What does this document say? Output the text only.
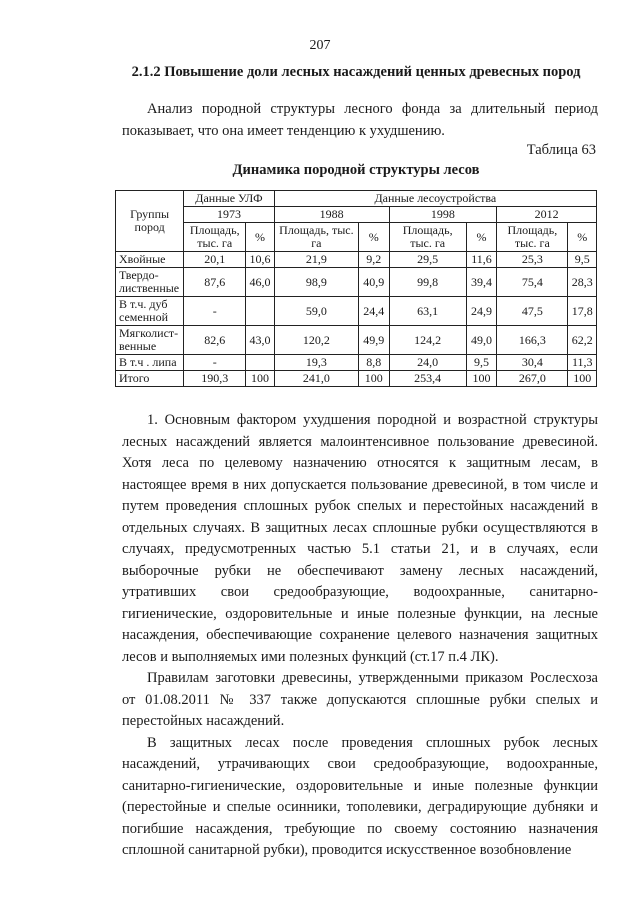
207
2.1.2 Повышение доли лесных насаждений ценных древесных пород

Анализ породной структуры лесного фонда за длительный период показывает, что она имеет тенденцию к ухудшению.

Таблица 63
Динамика породной структуры лесов
Группы пород	Данные УЛФ		Данные лесоустройства					
	1973		1988		1998		2012	
	Площадь, тыс. га	%	Площадь, тыс. га	%	Площадь, тыс. га	%	Площадь, тыс. га	%
Хвойные	20,1	10,6	21,9	9,2	29,5	11,6	25,3	9,5
Твердо-лиственные	87,6	46,0	98,9	40,9	99,8	39,4	75,4	28,3
В т.ч. дуб семенной	-		59,0	24,4	63,1	24,9	47,5	17,8
Мягколист-венные	82,6	43,0	120,2	49,9	124,2	49,0	166,3	62,2
В т.ч . липа	-		19,3	8,8	24,0	9,5	30,4	11,3
Итого	190,3	100	241,0	100	253,4	100	267,0	100

1. Основным фактором ухудшения породной и возрастной структуры лесных насаждений является малоинтенсивное пользование древесиной. Хотя леса по целевому назначению относятся к защитным лесам, в настоящее время в них допускается пользование древесиной, в том числе и путем проведения сплошных рубок спелых и перестойных насаждений в отдельных случаях. В защитных лесах сплошные рубки осуществляются в случаях, предусмотренных частью 5.1 статьи 21, и в случаях, если выборочные рубки не обеспечивают замену лесных насаждений, утративших свои средообразующие, водоохранные, санитарно-гигиенические, оздоровительные и иные полезные функции, на лесные насаждения, обеспечивающие сохранение целевого назначения защитных лесов и выполняемых ими полезных функций (ст.17 п.4 ЛК).

Правилам заготовки древесины, утвержденными приказом Рослесхоза от 01.08.2011 № 337 также допускаются сплошные рубки спелых и перестойных насаждений.

В защитных лесах после проведения сплошных рубок лесных насаждений, утрачивающих свои средообразующие, водоохранные, санитарно-гигиенические, оздоровительные и иные полезные функции (перестойные и спелые осинники, тополевики, деградирующие дубняки и погибшие насаждения, требующие по своему состоянию назначения сплошной санитарной рубки), проводится искусственное возобновление
